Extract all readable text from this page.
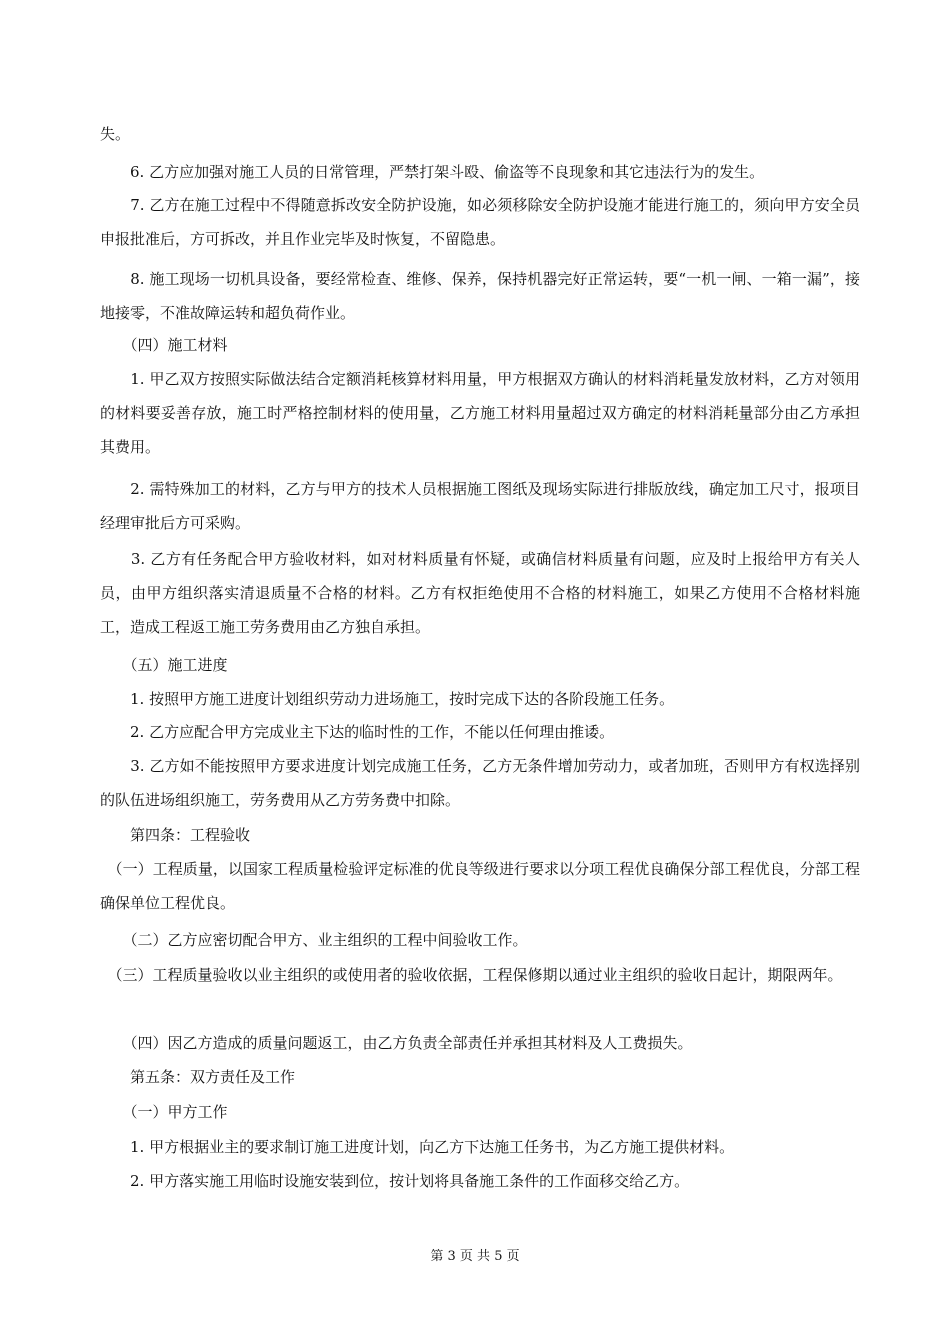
失。

　　6. 乙方应加强对施工人员的日常管理，严禁打架斗殴、偷盗等不良现象和其它违法行为的发生。

　　7. 乙方在施工过程中不得随意拆改安全防护设施，如必须移除安全防护设施才能进行施工的，须向甲方安全员申报批准后，方可拆改，并且作业完毕及时恢复，不留隐患。

　　8. 施工现场一切机具设备，要经常检查、维修、保养，保持机器完好正常运转，要“一机一闸、一箱一漏”，接地接零，不准故障运转和超负荷作业。

　　（四）施工材料

　　1. 甲乙双方按照实际做法结合定额消耗核算材料用量，甲方根据双方确认的材料消耗量发放材料，乙方对领用的材料要妥善存放，施工时严格控制材料的使用量，乙方施工材料用量超过双方确定的材料消耗量部分由乙方承担其费用。

　　2. 需特殊加工的材料，乙方与甲方的技术人员根据施工图纸及现场实际进行排版放线，确定加工尺寸，报项目经理审批后方可采购。

　　3. 乙方有任务配合甲方验收材料，如对材料质量有怀疑，或确信材料质量有问题，应及时上报给甲方有关人员，由甲方组织落实清退质量不合格的材料。乙方有权拒绝使用不合格的材料施工，如果乙方使用不合格材料施工，造成工程返工施工劳务费用由乙方独自承担。

　　（五）施工进度

　　1. 按照甲方施工进度计划组织劳动力进场施工，按时完成下达的各阶段施工任务。

　　2. 乙方应配合甲方完成业主下达的临时性的工作，不能以任何理由推诿。

　　3. 乙方如不能按照甲方要求进度计划完成施工任务，乙方无条件增加劳动力，或者加班，否则甲方有权选择别的队伍进场组织施工，劳务费用从乙方劳务费中扣除。

　　第四条：工程验收

　（一）工程质量，以国家工程质量检验评定标准的优良等级进行要求以分项工程优良确保分部工程优良，分部工程确保单位工程优良。

　　（二）乙方应密切配合甲方、业主组织的工程中间验收工作。

　（三）工程质量验收以业主组织的或使用者的验收依据，工程保修期以通过业主组织的验收日起计，期限两年。

　　（四）因乙方造成的质量问题返工，由乙方负责全部责任并承担其材料及人工费损失。

　　第五条：双方责任及工作

　　（一）甲方工作

　　1. 甲方根据业主的要求制订施工进度计划，向乙方下达施工任务书，为乙方施工提供材料。

　　2. 甲方落实施工用临时设施安装到位，按计划将具备施工条件的工作面移交给乙方。

第 3 页 共 5 页
